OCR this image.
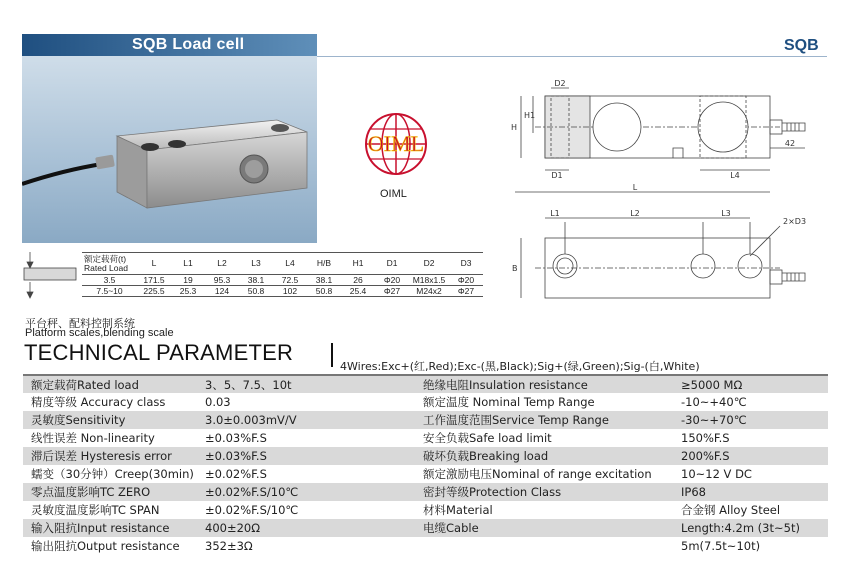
SQB Load cell	SQB
OIML
OIML
D2
H
H1
D1	L4
L
42
L1	L2	L3
2×D3
B
额定载荷(t)
Rated Load	L	L1	L2	L3	L4	H/B	H1	D1	D2	D3
3.5	171.5	19	95.3	38.1	72.5	38.1	26	Φ20	M18x1.5	Φ20
7.5~10	225.5	25.3	124	50.8	102	50.8	25.4	Φ27	M24x2	Φ27
平台秤、配料控制系统
Platform scales,blending scale
TECHNICAL PARAMETER
4Wires:Exc+(红,Red);Exc-(黑,Black);Sig+(绿,Green);Sig-(白,White)
额定载荷Rated load	3、5、7.5、10t	绝缘电阻Insulation resistance	≥5000 MΩ
精度等级 Accuracy class	0.03	额定温度 Nominal Temp Range	-10~+40℃
灵敏度Sensitivity	3.0±0.003mV/V	工作温度范围Service Temp Range	-30~+70℃
线性误差 Non-linearity	±0.03%F.S	安全负载Safe load limit	150%F.S
滞后误差 Hysteresis error	±0.03%F.S	破坏负载Breaking load	200%F.S
蠕变（30分钟）Creep(30min)	±0.02%F.S	额定激励电压Nominal of range excitation	10~12 V DC
零点温度影响TC ZERO	±0.02%F.S/10℃	密封等级Protection Class	IP68
灵敏度温度影响TC SPAN	±0.02%F.S/10℃	材料Material	合金钢 Alloy Steel
输入阻抗Input resistance	400±20Ω	电缆Cable	Length:4.2m (3t~5t)
输出阻抗Output resistance	352±3Ω		5m(7.5t~10t)
